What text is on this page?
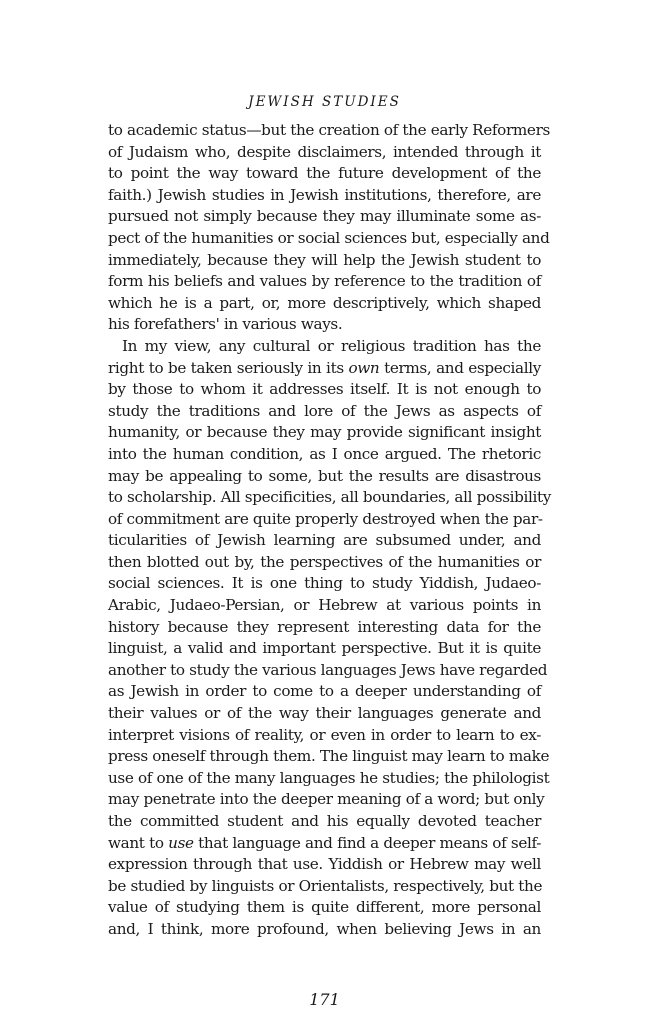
JEWISH STUDIES
to academic status—but the creation of the early Reformers
of Judaism who, despite disclaimers, intended through it
to point the way toward the future development of the
faith.) Jewish studies in Jewish institutions, therefore, are
pursued not simply because they may illuminate some as-
pect of the humanities or social sciences but, especially and
immediately, because they will help the Jewish student to
form his beliefs and values by reference to the tradition of
which he is a part, or, more descriptively, which shaped
his forefathers' in various ways.
In my view, any cultural or religious tradition has the
right to be taken seriously in its own terms, and especially
by those to whom it addresses itself. It is not enough to
study the traditions and lore of the Jews as aspects of
humanity, or because they may provide significant insight
into the human condition, as I once argued. The rhetoric
may be appealing to some, but the results are disastrous
to scholarship. All specificities, all boundaries, all possibility
of commitment are quite properly destroyed when the par-
ticularities of Jewish learning are subsumed under, and
then blotted out by, the perspectives of the humanities or
social sciences. It is one thing to study Yiddish, Judaeo-
Arabic, Judaeo-Persian, or Hebrew at various points in
history because they represent interesting data for the
linguist, a valid and important perspective. But it is quite
another to study the various languages Jews have regarded
as Jewish in order to come to a deeper understanding of
their values or of the way their languages generate and
interpret visions of reality, or even in order to learn to ex-
press oneself through them. The linguist may learn to make
use of one of the many languages he studies; the philologist
may penetrate into the deeper meaning of a word; but only
the committed student and his equally devoted teacher
want to use that language and find a deeper means of self-
expression through that use. Yiddish or Hebrew may well
be studied by linguists or Orientalists, respectively, but the
value of studying them is quite different, more personal
and, I think, more profound, when believing Jews in an
171
